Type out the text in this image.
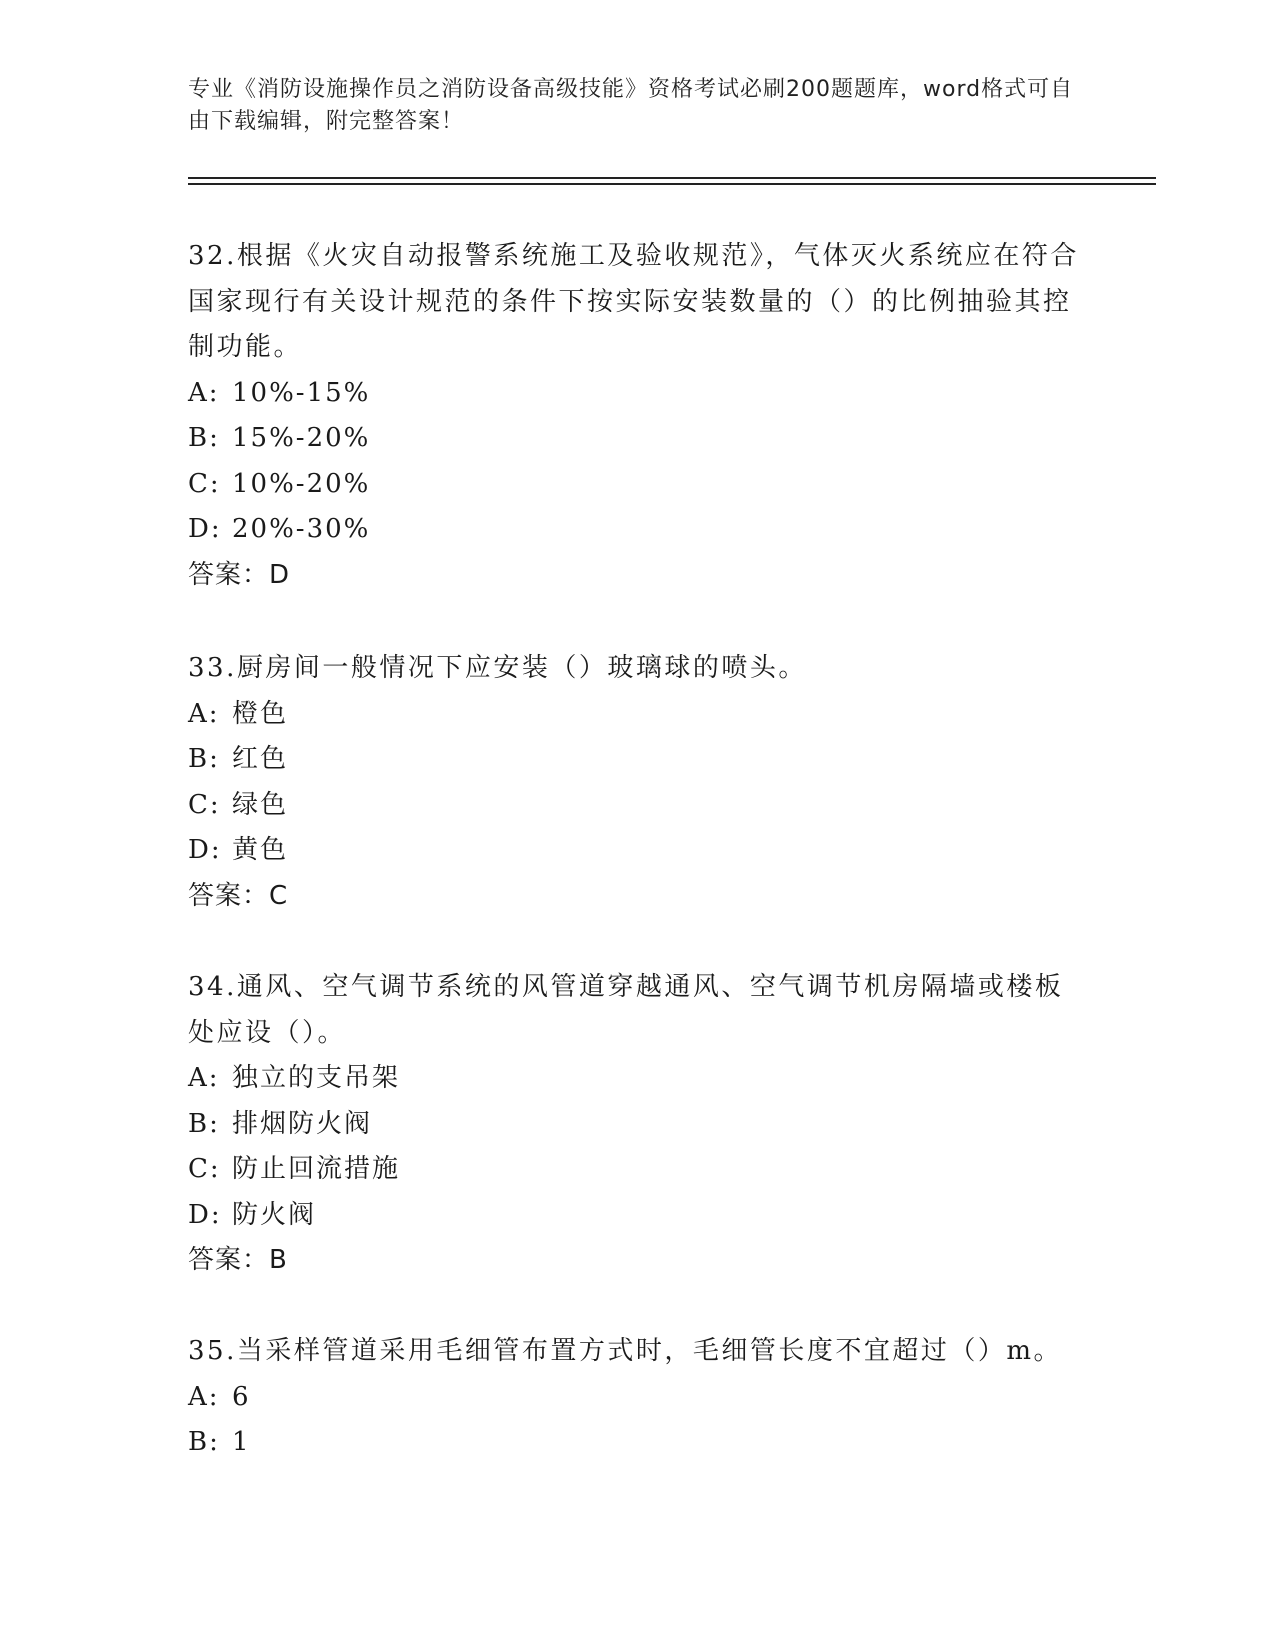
专业《消防设施操作员之消防设备高级技能》资格考试必刷200题题库，word格式可自由下载编辑，附完整答案！

32.根据《火灾自动报警系统施工及验收规范》，气体灭火系统应在符合国家现行有关设计规范的条件下按实际安装数量的（）的比例抽验其控制功能。

A: 10%-15%
B: 15%-20%
C: 10%-20%
D: 20%-30%
答案：D

33.厨房间一般情况下应安装（）玻璃球的喷头。

A: 橙色
B: 红色
C: 绿色
D: 黄色
答案：C

34.通风、空气调节系统的风管道穿越通风、空气调节机房隔墙或楼板处应设（）。

A: 独立的支吊架
B: 排烟防火阀
C: 防止回流措施
D: 防火阀
答案：B

35.当采样管道采用毛细管布置方式时，毛细管长度不宜超过（）m。

A: 6
B: 1
